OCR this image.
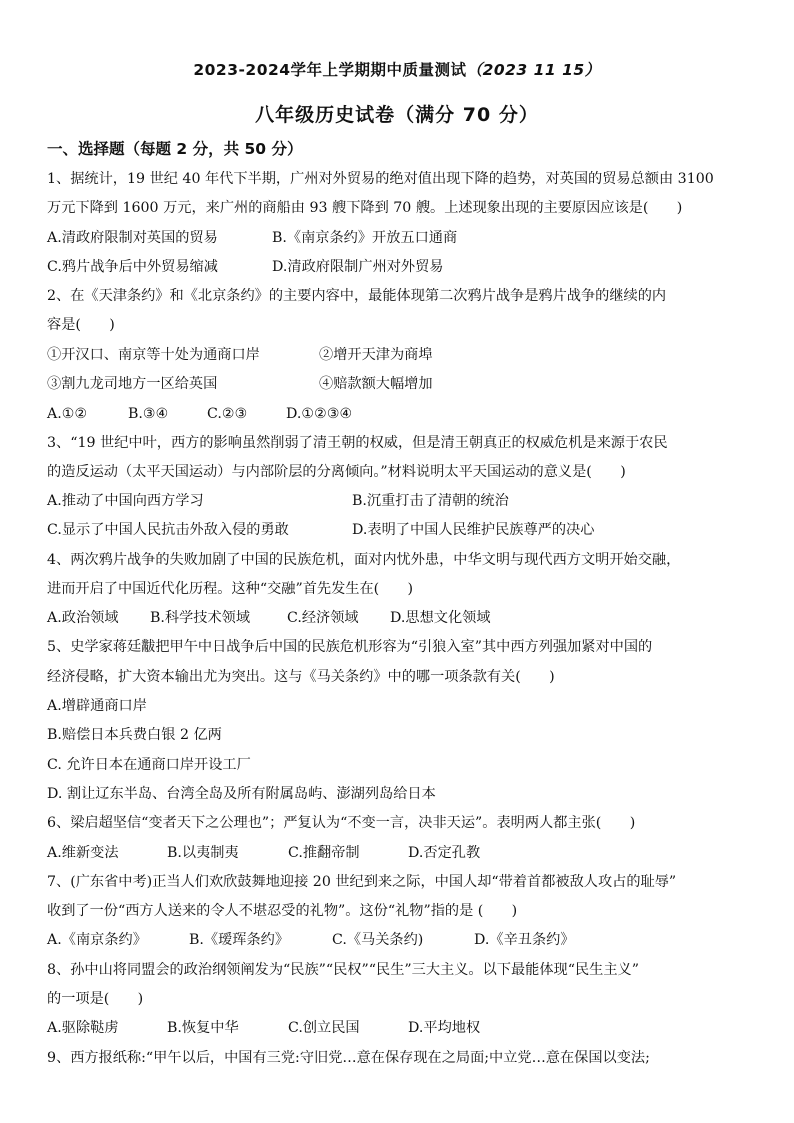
2023-2024学年上学期期中质量测试（2023 11 15）
八年级历史试卷（满分 70 分）
一、选择题（每题 2 分，共 50 分）
1、据统计，19 世纪 40 年代下半期，广州对外贸易的绝对值出现下降的趋势，对英国的贸易总额由 3100
万元下降到 1600 万元，来广州的商船由 93 艘下降到 70 艘。上述现象出现的主要原因应该是(　　)
A.清政府限制对英国的贸易	B.《南京条约》开放五口通商
C.鸦片战争后中外贸易缩减	D.清政府限制广州对外贸易
2、在《天津条约》和《北京条约》的主要内容中，最能体现第二次鸦片战争是鸦片战争的继续的内
容是(　　)
①开汉口、南京等十处为通商口岸	②增开天津为商埠
③割九龙司地方一区给英国	④赔款额大幅增加
A.①②	B.③④	C.②③	D.①②③④
3、“19 世纪中叶，西方的影响虽然削弱了清王朝的权威，但是清王朝真正的权威危机是来源于农民
的造反运动（太平天国运动）与内部阶层的分离倾向。”材料说明太平天国运动的意义是(　　)
A.推动了中国向西方学习	B.沉重打击了清朝的统治
C.显示了中国人民抗击外敌入侵的勇敢	D.表明了中国人民维护民族尊严的决心
4、两次鸦片战争的失败加剧了中国的民族危机，面对内忧外患，中华文明与现代西方文明开始交融，
进而开启了中国近代化历程。这种“交融”首先发生在(　　)
A.政治领域 B.科学技术领域	C.经济领域 D.思想文化领域
5、史学家蒋廷黻把甲午中日战争后中国的民族危机形容为“引狼入室”其中西方列强加紧对中国的
经济侵略，扩大资本输出尤为突出。这与《马关条约》中的哪一项条款有关(　　)
A.增辟通商口岸
B.赔偿日本兵费白银 2 亿两
C. 允许日本在通商口岸开设工厂
D. 割让辽东半岛、台湾全岛及所有附属岛屿、澎湖列岛给日本
6、梁启超坚信“变者天下之公理也”；严复认为“不变一言，决非天运”。表明两人都主张(　　)
A.维新变法	B.以夷制夷	C.推翻帝制	D.否定孔教
7、(广东省中考)正当人们欢欣鼓舞地迎接 20 世纪到来之际，中国人却“带着首都被敌人攻占的耻辱”
收到了一份“西方人送来的令人不堪忍受的礼物”。这份“礼物”指的是 (　　)
A.《南京条约》	B.《瑷珲条约》	C.《马关条约)	D.《辛丑条约》
8、孙中山将同盟会的政治纲领阐发为“民族”“民权”“民生”三大主义。以下最能体现“民生主义”
的一项是(　　)
A.驱除鞑虏	B.恢复中华	C.创立民国	D.平均地权
9、西方报纸称:“甲午以后，中国有三党:守旧党…意在保存现在之局面;中立党…意在保国以变法;
